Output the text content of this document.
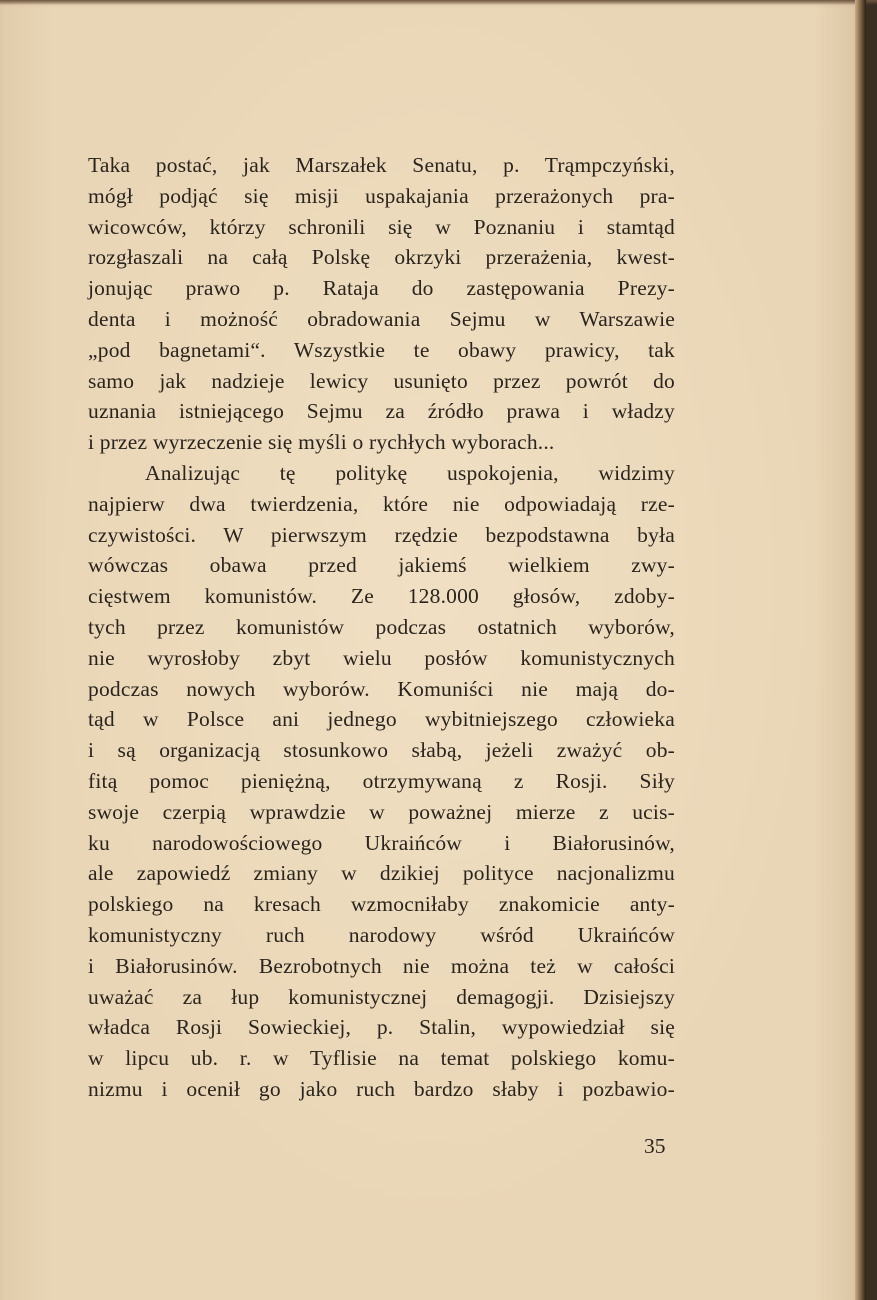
Taka postać, jak Marszałek Senatu, p. Trąmpczyński,
mógł podjąć się misji uspakajania przerażonych pra-
wicowców, którzy schronili się w Poznaniu i stamtąd
rozgłaszali na całą Polskę okrzyki przerażenia, kwest-
jonując prawo p. Rataja do zastępowania Prezy-
denta i możność obradowania Sejmu w Warszawie
„pod bagnetami“. Wszystkie te obawy prawicy, tak
samo jak nadzieje lewicy usunięto przez powrót do
uznania istniejącego Sejmu za źródło prawa i władzy
i przez wyrzeczenie się myśli o rychłych wyborach...
Analizując tę politykę uspokojenia, widzimy
najpierw dwa twierdzenia, które nie odpowiadają rze-
czywistości. W pierwszym rzędzie bezpodstawna była
wówczas obawa przed jakiemś wielkiem zwy-
cięstwem komunistów. Ze 128.000 głosów, zdoby-
tych przez komunistów podczas ostatnich wyborów,
nie wyrosłoby zbyt wielu posłów komunistycznych
podczas nowych wyborów. Komuniści nie mają do-
tąd w Polsce ani jednego wybitniejszego człowieka
i są organizacją stosunkowo słabą, jeżeli zważyć ob-
fitą pomoc pieniężną, otrzymywaną z Rosji. Siły
swoje czerpią wprawdzie w poważnej mierze z ucis-
ku narodowościowego Ukraińców i Białorusinów,
ale zapowiedź zmiany w dzikiej polityce nacjonalizmu
polskiego na kresach wzmocniłaby znakomicie anty-
komunistyczny ruch narodowy wśród Ukraińców
i Białorusinów. Bezrobotnych nie można też w całości
uważać za łup komunistycznej demagogji. Dzisiejszy
władca Rosji Sowieckiej, p. Stalin, wypowiedział się
w lipcu ub. r. w Tyflisie na temat polskiego komu-
nizmu i ocenił go jako ruch bardzo słaby i pozbawio-
35
